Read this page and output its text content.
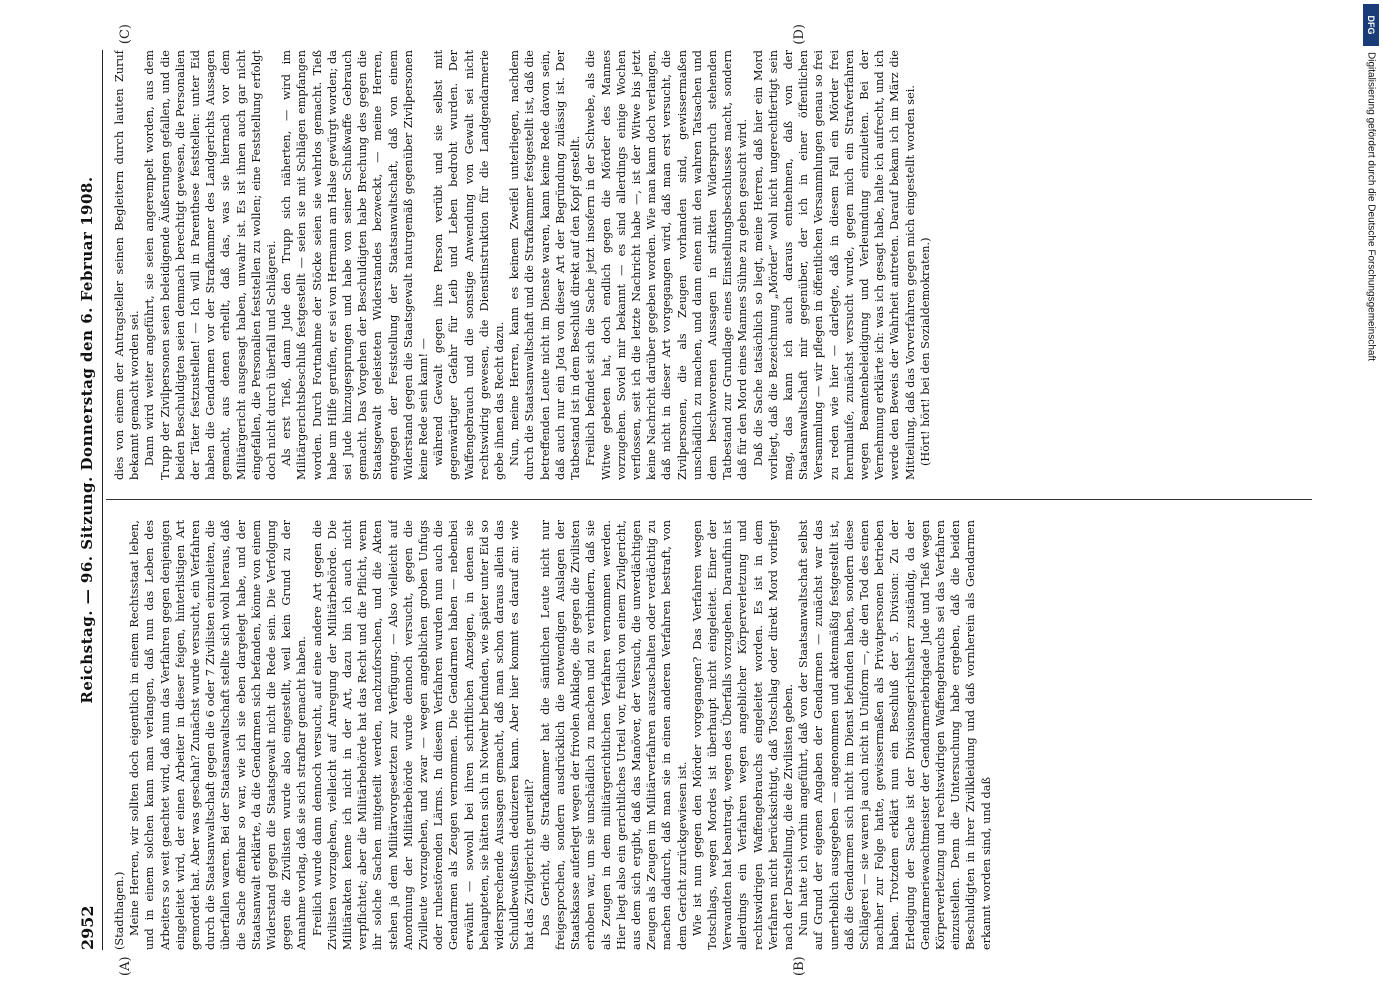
2952
Reichstag. — 96. Sitzung. Donnerstag den 6. Februar 1908.
(A)	(B)
(C)	(D)

(Stadthagen.) Meine Herren, wir sollten doch eigentlich in einem Rechtsstaat leben, und in einem solchen kann man verlangen, daß nun das Leben des Arbeiters so weit geachtet wird, daß nun das Verfahren gegen denjenigen eingeleitet wird, der einen Arbeiter in dieser feigen, hinterlistigen Art gemordet hat. Aber was geschah? Zunächst wurde versucht, ein Verfahren durch die Staatsanwaltschaft gegen die 6 oder 7 Zivilisten einzuleiten, die überfallen waren. Bei der Staatsanwaltschaft stellte sich wohl heraus, daß die Sache offenbar so war, wie ich sie eben dargelegt habe, und der Staatsanwalt erklärte, da die Gendarmen sich befanden, könne von einem Widerstand gegen die Staatsgewalt nicht die Rede sein. Die Verfolgung gegen die Zivilisten wurde also eingestellt, weil kein Grund zu der Annahme vorlag, daß sie sich strafbar gemacht haben. Freilich wurde dann dennoch versucht, auf eine andere Art gegen die Zivilisten vorzugehen, vielleicht auf Anregung der Militärbehörde. Die Militärakten kenne ich nicht in der Art, dazu bin ich auch nicht verpflichtet; aber die Militärbehörde hat das Recht und die Pflicht, wenn ihr solche Sachen mitgeteilt werden, nachzuforschen, und die Akten stehen ja dem Militärvorgesetzten zur Verfügung. — Also vielleicht auf Anordnung der Militärbehörde wurde dennoch versucht, gegen die Zivilleute vorzugehen, und zwar — wegen angeblichen groben Unfugs oder ruhestörenden Lärms. In diesem Verfahren wurden nun auch die Gendarmen als Zeugen vernommen. Die Gendarmen haben — nebenbei erwähnt — sowohl bei ihren schriftlichen Anzeigen, in denen sie behaupteten, sie hätten sich in Notwehr befunden, wie später unter Eid so widersprechende Aussagen gemacht, daß man schon daraus allein das Schuldbewußtsein deduzieren kann. Aber hier kommt es darauf an: wie hat das Zivilgericht geurteilt? Das Gericht, die Strafkammer hat die sämtlichen Leute nicht nur freigesprochen, sondern ausdrücklich die notwendigen Auslagen der Staatskasse auferlegt wegen der frivolen Anklage, die gegen die Zivilisten erhoben war, um sie unschädlich zu machen und zu verhindern, daß sie als Zeugen in dem militärgerichtlichen Verfahren vernommen werden. Hier liegt also ein gerichtliches Urteil vor, freilich von einem Zivilgericht, aus dem sich ergibt, daß das Manöver, der Versuch, die unverdächtigen Zeugen als Zeugen im Militärverfahren auszuschalten oder verdächtig zu machen dadurch, daß man sie in einen anderen Verfahren bestraft, von dem Gericht zurückgewiesen ist. Wie ist nun gegen den Mörder vorgegangen? Das Verfahren wegen Totschlags, wegen Mordes ist überhaupt nicht eingeleitet. Einer der Verwandten hat beantragt, wegen des Überfalls vorzugehen. Daraufhin ist allerdings ein Verfahren wegen angeblicher Körperverletzung und rechtswidrigen Waffengebrauchs eingeleitet worden. Es ist in dem Verfahren nicht berücksichtigt, daß Totschlag oder direkt Mord vorliegt nach der Darstellung, die die Zivilisten geben. Nun hatte ich vorhin angeführt, daß von der Staatsanwaltschaft selbst auf Grund der eigenen Angaben der Gendarmen — zunächst war das unerheblich ausgegeben — angenommen und aktenmäßig festgestellt ist, daß die Gendarmen sich nicht im Dienst befunden haben, sondern diese Schlägerei — sie waren ja auch nicht in Uniform —, die den Tod des einen nachher zur Folge hatte, gewissermaßen als Privatpersonen betrieben haben. Trotzdem erklärt nun ein Beschluß der 5. Division: Zu der Erledigung der Sache ist der Divisionsgerichtsherr zuständig, da der Gendarmeriewachtmeister der Gendarmeriebrigade Jude und Tieß wegen Körperverletzung und rechtswidrigen Waffengebrauchs sei das Verfahren einzustellen. Denn die Untersuchung habe ergeben, daß die beiden Beschuldigten in ihrer Zivilkleidung und daß vornherein als Gendarmen erkannt worden sind, und daß

dies von einem der Antragsteller seinen Begleitern durch lauten Zuruf bekannt gemacht worden sei. Dann wird weiter angeführt, sie seien angerempelt worden, aus dem Trupp der Zivilpersonen seien beleidigende Äußerungen gefallen, und die beiden Beschuldigten seien demnach berechtigt gewesen, die Personalien der Täter festzustellen! — Ich will in Parenthese feststellen: unter Eid haben die Gendarmen vor der Strafkammer des Landgerichts Aussagen gemacht, aus denen erhellt, daß das, was sie hiernach vor dem Militärgericht ausgesagt haben, unwahr ist. Es ist ihnen auch gar nicht eingefallen, die Personalien feststellen zu wollen; eine Feststellung erfolgt doch nicht durch überfall und Schlägerei. Als erst Tieß, dann Jude den Trupp sich näherten, — wird im Militärgerichtsbeschluß festgestellt — seien sie mit Schlägen empfangen worden. Durch Fortnahme der Stöcke seien sie wehrlos gemacht. Tieß habe um Hilfe gerufen, er sei von Hermann am Halse gewürgt worden; da sei Jude hinzugesprungen und habe von seiner Schußwaffe Gebrauch gemacht. Das Vorgehen der Beschuldigten habe Brechung des gegen die Staatsgewalt geleisteten Widerstandes bezweckt, — meine Herren, entgegen der Feststellung der Staatsanwaltschaft, daß von einem Widerstand gegen die Staatsgewalt naturgemäß gegenüber Zivilpersonen keine Rede sein kann! — während Gewalt gegen ihre Person verübt und sie selbst mit gegenwärtiger Gefahr für Leib und Leben bedroht wurden. Der Waffengebrauch und die sonstige Anwendung von Gewalt sei nicht rechtswidrig gewesen, die Dienstinstruktion für die Landgendarmerie gebe ihnen das Recht dazu. Nun, meine Herren, kann es keinem Zweifel unterliegen, nachdem durch die Staatsanwaltschaft und die Strafkammer festgestellt ist, daß die betreffenden Leute nicht im Dienste waren, kann keine Rede davon sein, daß auch nur ein Jota von dieser Art der Begründung zulässig ist. Der Tatbestand ist in dem Beschluß direkt auf den Kopf gestellt. Freilich befindet sich die Sache jetzt insofern in der Schwebe, als die Witwe gebeten hat, doch endlich gegen die Mörder des Mannes vorzugehen. Soviel mir bekannt — es sind allerdings einige Wochen verflossen, seit ich die letzte Nachricht habe —, ist der Witwe bis jetzt keine Nachricht darüber gegeben worden. Wie man kann doch verlangen, daß nicht in dieser Art vorgegangen wird, daß man erst versucht, die Zivilpersonen, die als Zeugen vorhanden sind, gewissermaßen unschädlich zu machen, und dann einen mit den wahren Tatsachen und dem beschworenen Aussagen in strikten Widerspruch stehenden Tatbestand zur Grundlage eines Einstellungsbeschlusses macht, sondern daß für den Mord eines Mannes Sühne zu geben gesucht wird. Daß die Sache tatsächlich so liegt, meine Herren, daß hier ein Mord vorliegt, daß die Bezeichnung „Mörder“ wohl nicht ungerechtfertigt sein mag, das kann ich auch daraus entnehmen, daß von der Staatsanwaltschaft mir gegenüber, der ich in einer öffentlichen Versammlung — wir pflegen in öffentlichen Versammlungen genau so frei zu reden wie hier — darlegte, daß in diesem Fall ein Mörder frei herumlaufe, zunächst versucht wurde, gegen mich ein Strafverfahren wegen Beamtenbeleidigung und Verleumdung einzuleiten. Bei der Vernehmung erklärte ich: was ich gesagt habe, halte ich aufrecht, und ich werde den Beweis der Wahrheit antreten. Darauf bekam ich im März die Mitteilung, daß das Vorverfahren gegen mich eingestellt worden sei. (Hört! hört! bei den Sozialdemokraten.)

DFG
Digitalisierung gefördert durch die Deutsche Forschungsgemeinschaft
